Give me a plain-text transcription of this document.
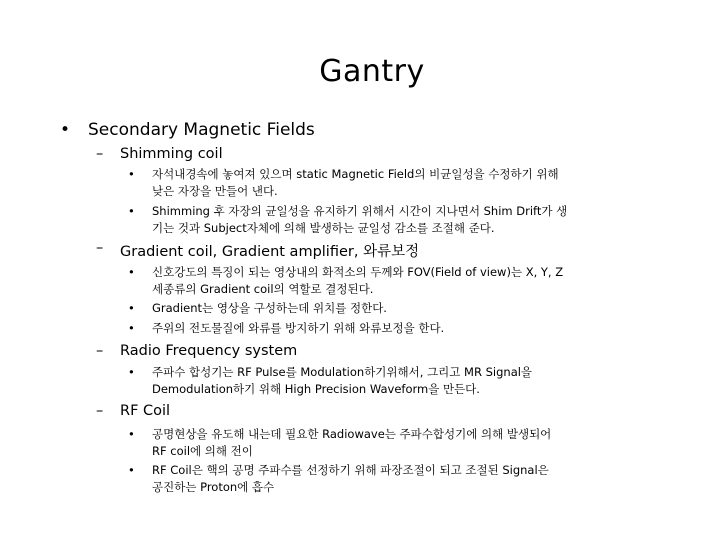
Gantry
• Secondary Magnetic Fields
– Shimming coil
• 자석내경속에 놓여져 있으며 static Magnetic Field의 비균일성을 수정하기 위해
낮은 자장을 만들어 낸다.
• Shimming 후 자장의 균일성을 유지하기 위해서 시간이 지나면서 Shim Drift가 생
기는 것과 Subject자체에 의해 발생하는 균일성 감소를 조절해 준다.
– Gradient coil, Gradient amplifier, 와류보정
• 신호강도의 특징이 되는 영상내의 화적소의 두께와 FOV(Field of view)는 X, Y, Z
세종류의 Gradient coil의 역할로 결정된다.
• Gradient는 영상을 구성하는데 위치를 정한다.
• 주위의 전도물질에 와류를 방지하기 위해 와류보정을 한다.
– Radio Frequency system
• 주파수 합성기는 RF Pulse를 Modulation하기위해서, 그리고 MR Signal을
Demodulation하기 위해 High Precision Waveform을 만든다.
– RF Coil
• 공명현상을 유도해 내는데 필요한 Radiowave는 주파수합성기에 의해 발생되어
RF coil에 의해 전이
• RF Coil은 핵의 공명 주파수를 선정하기 위해 파장조절이 되고 조절된 Signal은
공진하는 Proton에 흡수
